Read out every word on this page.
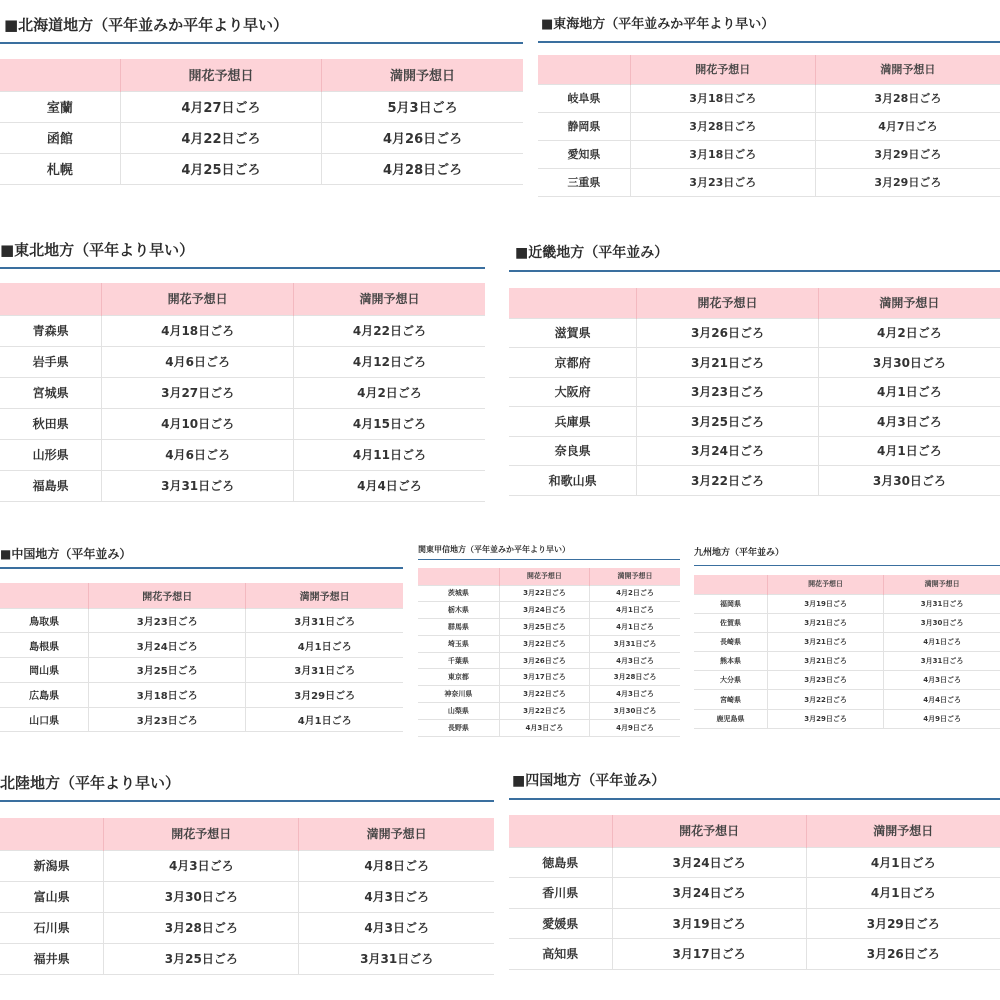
■北海道地方（平年並みか平年より早い）
	開花予想日	満開予想日
室蘭	4月27日ごろ	5月3日ごろ
函館	4月22日ごろ	4月26日ごろ
札幌	4月25日ごろ	4月28日ごろ
■東海地方（平年並みか平年より早い）
	開花予想日	満開予想日
岐阜県	3月18日ごろ	3月28日ごろ
静岡県	3月28日ごろ	4月7日ごろ
愛知県	3月18日ごろ	3月29日ごろ
三重県	3月23日ごろ	3月29日ごろ
■東北地方（平年より早い）
	開花予想日	満開予想日
青森県	4月18日ごろ	4月22日ごろ
岩手県	4月6日ごろ	4月12日ごろ
宮城県	3月27日ごろ	4月2日ごろ
秋田県	4月10日ごろ	4月15日ごろ
山形県	4月6日ごろ	4月11日ごろ
福島県	3月31日ごろ	4月4日ごろ
■近畿地方（平年並み）
	開花予想日	満開予想日
滋賀県	3月26日ごろ	4月2日ごろ
京都府	3月21日ごろ	3月30日ごろ
大阪府	3月23日ごろ	4月1日ごろ
兵庫県	3月25日ごろ	4月3日ごろ
奈良県	3月24日ごろ	4月1日ごろ
和歌山県	3月22日ごろ	3月30日ごろ
■中国地方（平年並み）
	開花予想日	満開予想日
鳥取県	3月23日ごろ	3月31日ごろ
島根県	3月24日ごろ	4月1日ごろ
岡山県	3月25日ごろ	3月31日ごろ
広島県	3月18日ごろ	3月29日ごろ
山口県	3月23日ごろ	4月1日ごろ
関東甲信地方（平年並みか平年より早い）
	開花予想日	満開予想日
茨城県	3月22日ごろ	4月2日ごろ
栃木県	3月24日ごろ	4月1日ごろ
群馬県	3月25日ごろ	4月1日ごろ
埼玉県	3月22日ごろ	3月31日ごろ
千葉県	3月26日ごろ	4月3日ごろ
東京都	3月17日ごろ	3月28日ごろ
神奈川県	3月22日ごろ	4月3日ごろ
山梨県	3月22日ごろ	3月30日ごろ
長野県	4月3日ごろ	4月9日ごろ
九州地方（平年並み）
	開花予想日	満開予想日
福岡県	3月19日ごろ	3月31日ごろ
佐賀県	3月21日ごろ	3月30日ごろ
長崎県	3月21日ごろ	4月1日ごろ
熊本県	3月21日ごろ	3月31日ごろ
大分県	3月23日ごろ	4月3日ごろ
宮崎県	3月22日ごろ	4月4日ごろ
鹿児島県	3月29日ごろ	4月9日ごろ
北陸地方（平年より早い）
	開花予想日	満開予想日
新潟県	4月3日ごろ	4月8日ごろ
富山県	3月30日ごろ	4月3日ごろ
石川県	3月28日ごろ	4月3日ごろ
福井県	3月25日ごろ	3月31日ごろ
■四国地方（平年並み）
	開花予想日	満開予想日
徳島県	3月24日ごろ	4月1日ごろ
香川県	3月24日ごろ	4月1日ごろ
愛媛県	3月19日ごろ	3月29日ごろ
高知県	3月17日ごろ	3月26日ごろ
